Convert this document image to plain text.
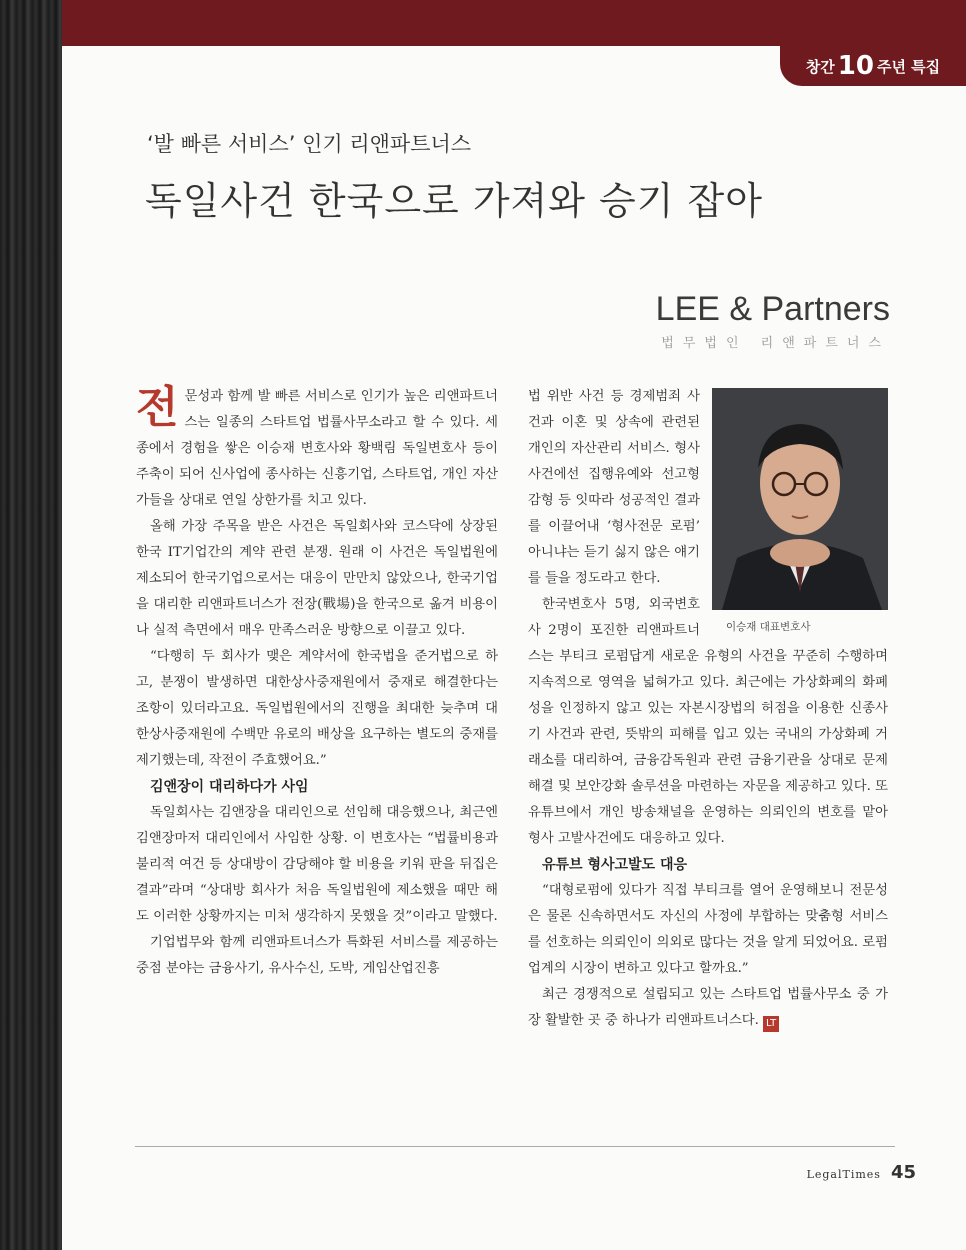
창간 10 주년 특집
‘발 빠른 서비스’ 인기 리앤파트너스
독일사건 한국으로 가져와 승기 잡아
LEE & Partners
법무법인 리앤파트너스

전문성과 함께 발 빠른 서비스로 인기가 높은 리앤파트너스는 일종의 스타트업 법률사무소라고 할 수 있다. 세종에서 경험을 쌓은 이승재 변호사와 황백림 독일변호사 등이 주축이 되어 신사업에 종사하는 신흥기업, 스타트업, 개인 자산가들을 상대로 연일 상한가를 치고 있다.

올해 가장 주목을 받은 사건은 독일회사와 코스닥에 상장된 한국 IT기업간의 계약 관련 분쟁. 원래 이 사건은 독일법원에 제소되어 한국기업으로서는 대응이 만만치 않았으나, 한국기업을 대리한 리앤파트너스가 전장(戰場)을 한국으로 옮겨 비용이나 실적 측면에서 매우 만족스러운 방향으로 이끌고 있다.

“다행히 두 회사가 맺은 계약서에 한국법을 준거법으로 하고, 분쟁이 발생하면 대한상사중재원에서 중재로 해결한다는 조항이 있더라고요. 독일법원에서의 진행을 최대한 늦추며 대한상사중재원에 수백만 유로의 배상을 요구하는 별도의 중재를 제기했는데, 작전이 주효했어요.”

김앤장이 대리하다가 사임

독일회사는 김앤장을 대리인으로 선임해 대응했으나, 최근엔 김앤장마저 대리인에서 사임한 상황. 이 변호사는 “법률비용과 불리적 여건 등 상대방이 감당해야 할 비용을 키워 판을 뒤집은 결과”라며 “상대방 회사가 처음 독일법원에 제소했을 때만 해도 이러한 상황까지는 미처 생각하지 못했을 것”이라고 말했다.

기업법무와 함께 리앤파트너스가 특화된 서비스를 제공하는 중점 분야는 금융사기, 유사수신, 도박, 게임산업진흥

이승재 대표변호사

법 위반 사건 등 경제범죄 사건과 이혼 및 상속에 관련된 개인의 자산관리 서비스. 형사사건에선 집행유예와 선고형 감형 등 잇따라 성공적인 결과를 이끌어내 ‘형사전문 로펌’ 아니냐는 듣기 싫지 않은 얘기를 들을 정도라고 한다.

한국변호사 5명, 외국변호사 2명이 포진한 리앤파트너스는 부티크 로펌답게 새로운 유형의 사건을 꾸준히 수행하며 지속적으로 영역을 넓혀가고 있다. 최근에는 가상화폐의 화폐성을 인정하지 않고 있는 자본시장법의 허점을 이용한 신종사기 사건과 관련, 뜻밖의 피해를 입고 있는 국내의 가상화폐 거래소를 대리하여, 금융감독원과 관련 금융기관을 상대로 문제 해결 및 보안강화 솔루션을 마련하는 자문을 제공하고 있다. 또 유튜브에서 개인 방송채널을 운영하는 의뢰인의 변호를 맡아 형사 고발사건에도 대응하고 있다.

유튜브 형사고발도 대응

“대형로펌에 있다가 직접 부티크를 열어 운영해보니 전문성은 물론 신속하면서도 자신의 사정에 부합하는 맞춤형 서비스를 선호하는 의뢰인이 의외로 많다는 것을 알게 되었어요. 로펌업계의 시장이 변하고 있다고 할까요.”

최근 경쟁적으로 설립되고 있는 스타트업 법률사무소 중 가장 활발한 곳 중 하나가 리앤파트너스다. LT

LegalTimes 45
